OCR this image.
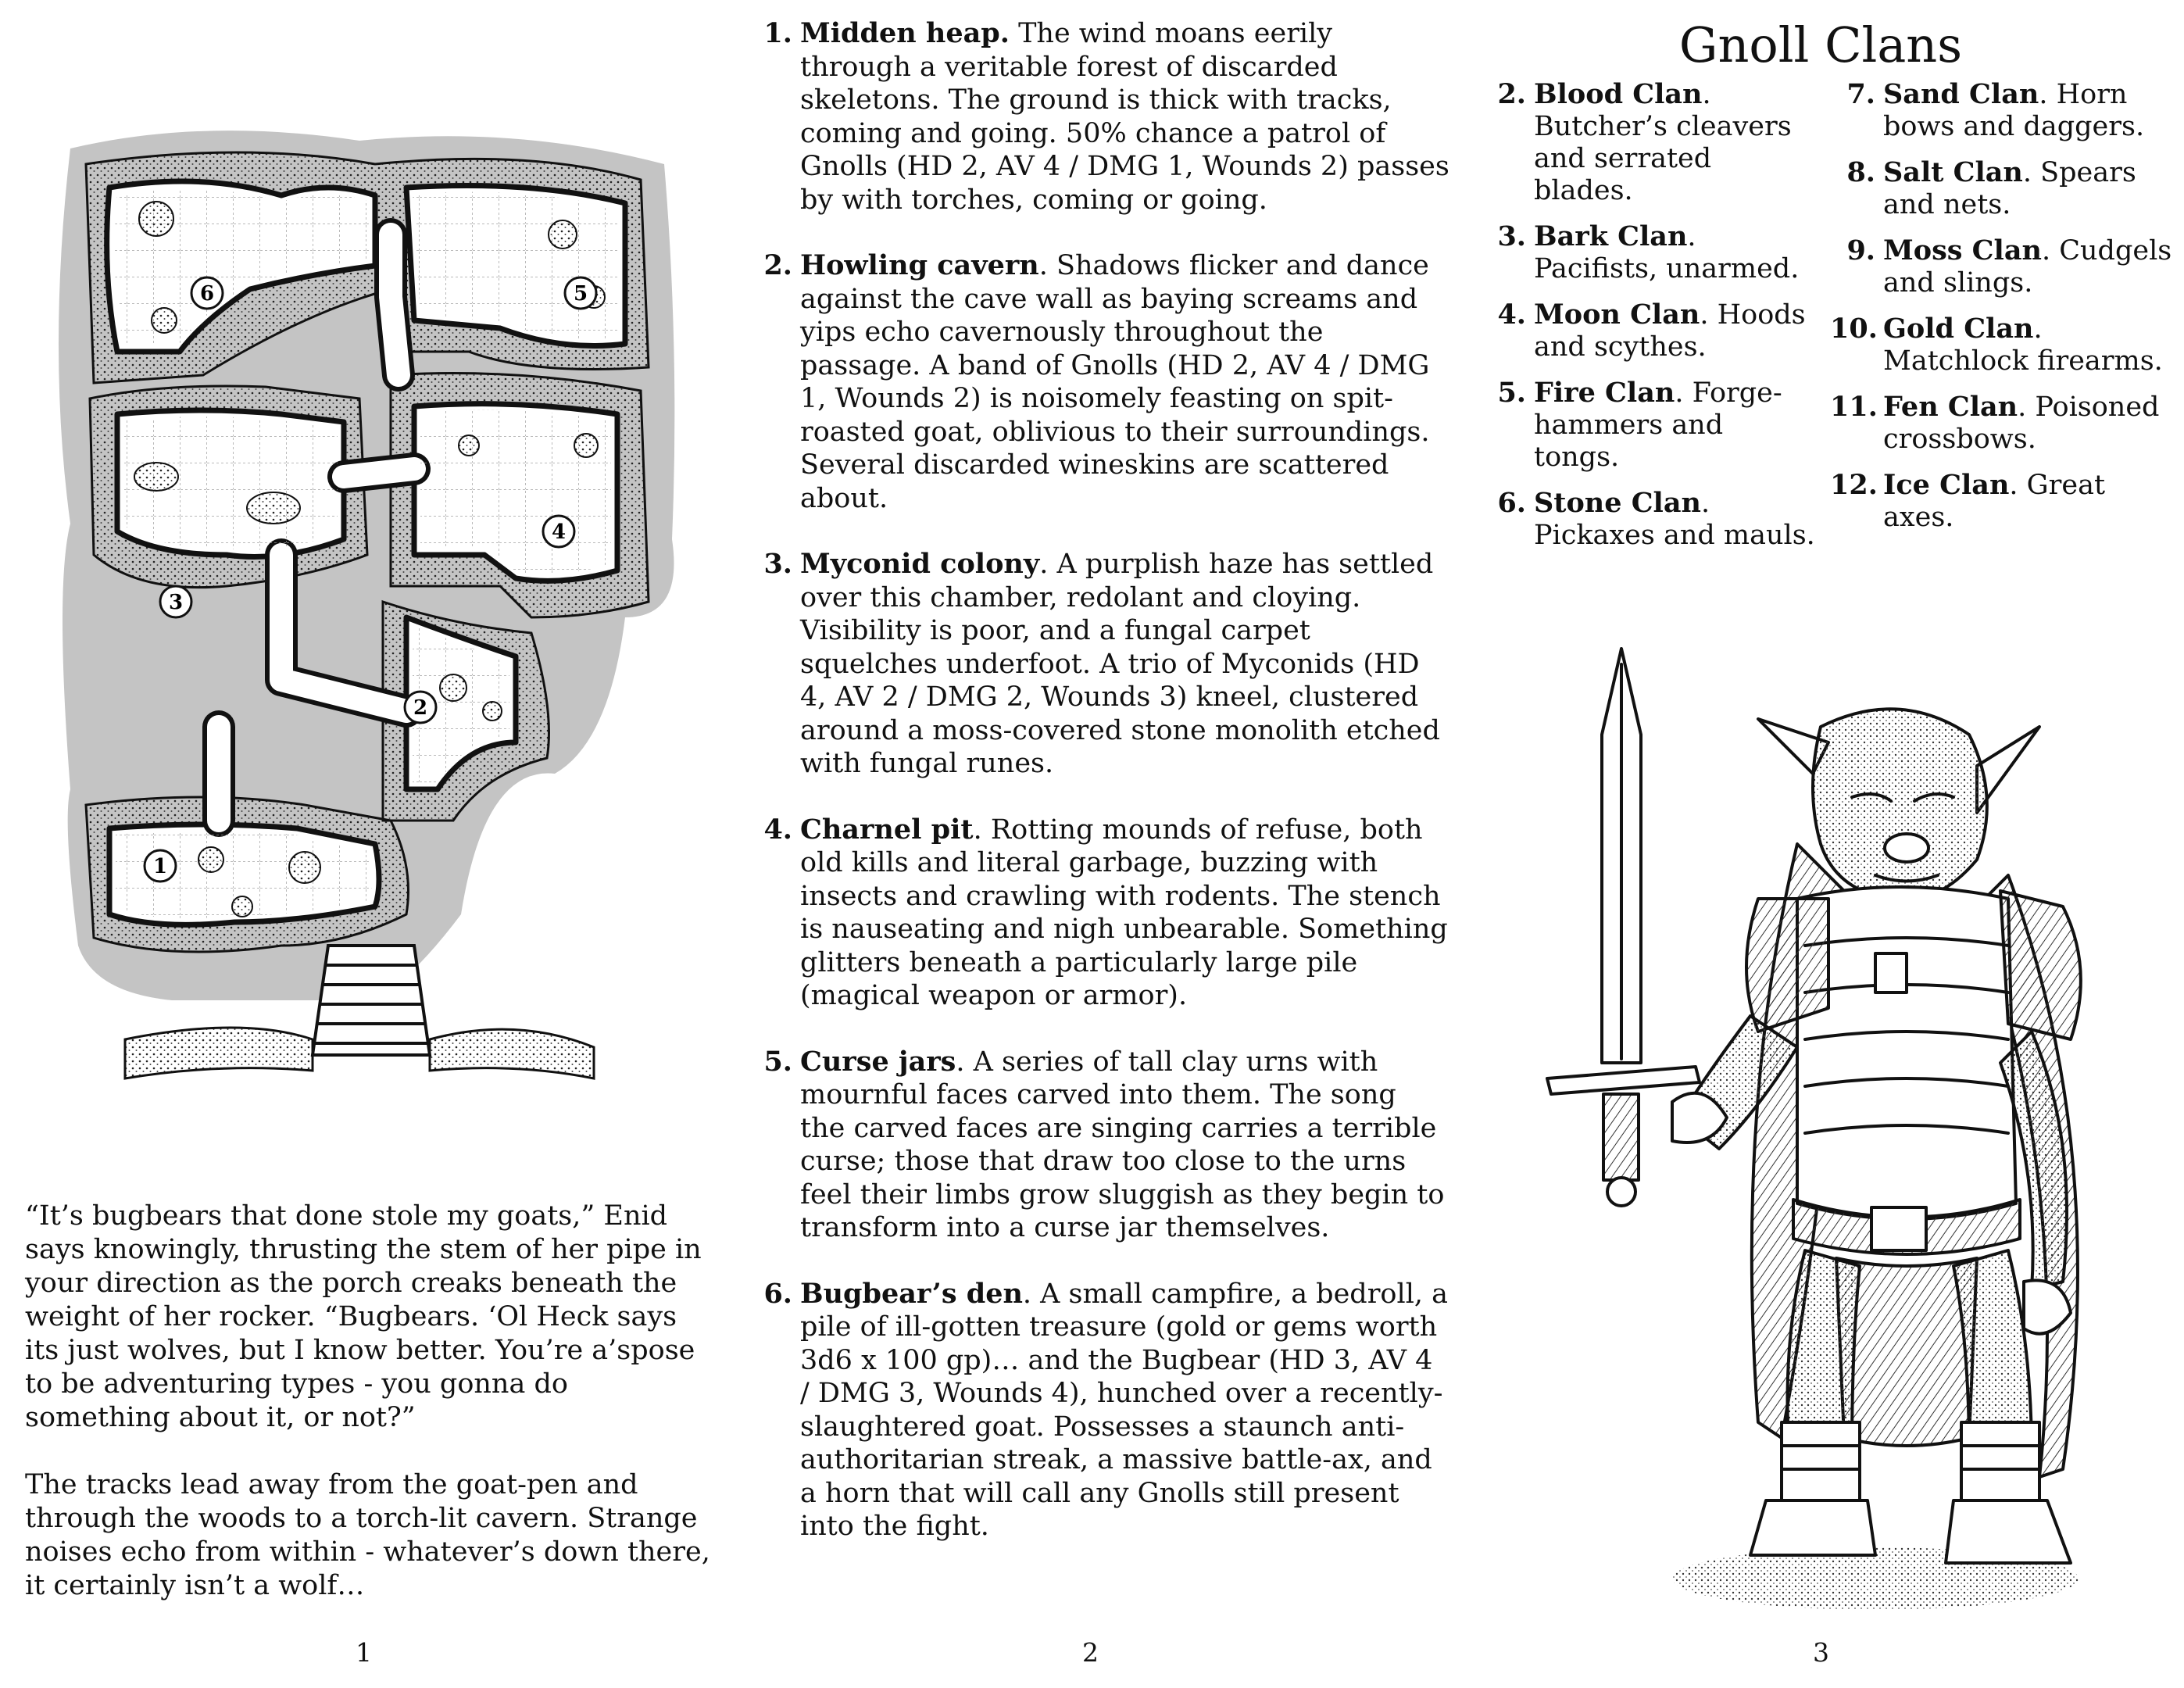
1
2
3
4
5
6

“It’s bugbears that done stole my goats,” Enid says knowingly, thrusting the stem of her pipe in your direction as the porch creaks beneath the weight of her rocker. “Bugbears. ‘Ol Heck says its just wolves, but I know better. You’re a’spose to be adventuring types - you gonna do something about it, or not?”

The tracks lead away from the goat-pen and through the woods to a torch-lit cavern. Strange noises echo from within - whatever’s down there, it certainly isn’t a wolf…

1
1. Midden heap. The wind moans eerily through a veritable forest of discarded skeletons. The ground is thick with tracks, coming and going. 50% chance a patrol of Gnolls (HD 2, AV 4 / DMG 1, Wounds 2) passes by with torches, coming or going.
2. Howling cavern. Shadows flicker and dance against the cave wall as baying screams and yips echo cavernously throughout the passage. A band of Gnolls (HD 2, AV 4 / DMG 1, Wounds 2) is noisomely feasting on spit-roasted goat, oblivious to their surroundings. Several discarded wineskins are scattered about.
3. Myconid colony. A purplish haze has settled over this chamber, redolant and cloying. Visibility is poor, and a fungal carpet squelches underfoot. A trio of Myconids (HD 4, AV 2 / DMG 2, Wounds 3) kneel, clustered around a moss-covered stone monolith etched with fungal runes.
4. Charnel pit. Rotting mounds of refuse, both old kills and literal garbage, buzzing with insects and crawling with rodents. The stench is nauseating and nigh unbearable. Something glitters beneath a particularly large pile (magical weapon or armor).
5. Curse jars. A series of tall clay urns with mournful faces carved into them. The song the carved faces are singing carries a terrible curse; those that draw too close to the urns feel their limbs grow sluggish as they begin to transform into a curse jar themselves.
6. Bugbear’s den. A small campfire, a bedroll, a pile of ill-gotten treasure (gold or gems worth 3d6 x 100 gp)… and the Bugbear (HD 3, AV 4 / DMG 3, Wounds 4), hunched over a recently-slaughtered goat. Possesses a staunch anti-authoritarian streak, a massive battle-ax, and a horn that will call any Gnolls still present into the fight.
2
Gnoll Clans
2. Blood Clan. Butcher’s cleavers and serrated blades.
3. Bark Clan. Pacifists, unarmed.
4. Moon Clan. Hoods and scythes.
5. Fire Clan. Forge-hammers and tongs.
6. Stone Clan. Pickaxes and mauls.
7. Sand Clan. Horn bows and daggers.
8. Salt Clan. Spears and nets.
9. Moss Clan. Cudgels and slings.
10. Gold Clan. Matchlock firearms.
11. Fen Clan. Poisoned crossbows.
12. Ice Clan. Great axes.
3
